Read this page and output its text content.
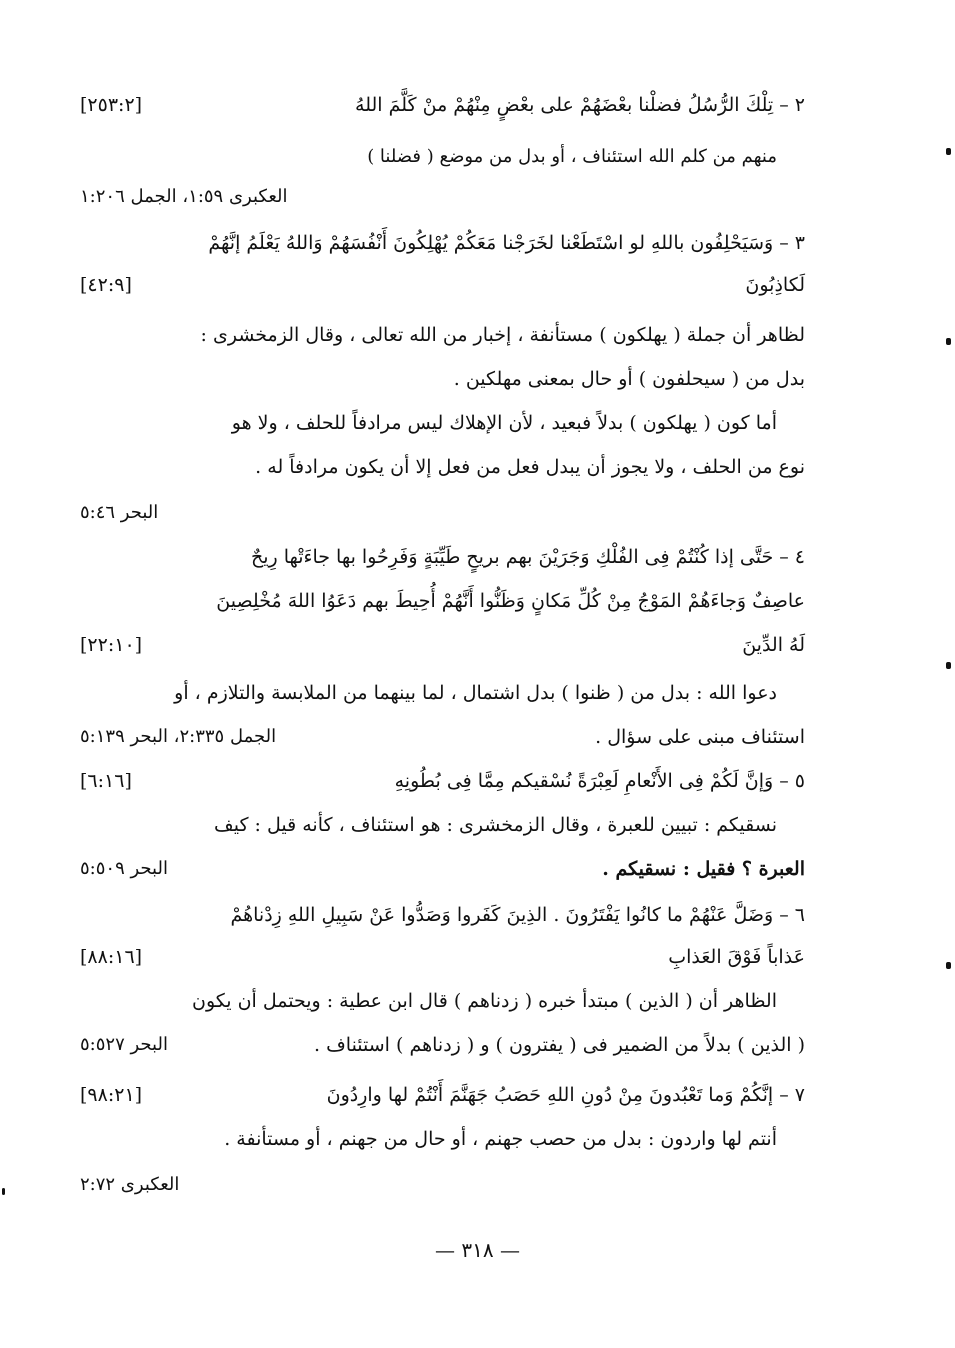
٢ – تِلْكَ الرُّسُلُ فضلْنا بعْضَهُمْ على بعْضٍ مِنْهُمْ منْ كَلَّمَ اللهُ
[٢٥٣:٢]
منهم من كلم الله استئناف ، أو بدل من موضع ( فضلنا )
العكبرى ١:٥٩، الجمل ١:٢٠٦
٣ – وَسَيَحْلِفُون باللهِ لو اسْتَطَعْنا لخَرَجْنا مَعَكُمْ يُهْلِكُونَ أَنْفُسَهُمْ وَاللهُ يَعْلَمُ إنَّهُمْ
لَكاذِبُونَ
[٤٢:٩]
لظاهر أن جملة ( يهلكون ) مستأنفة ، إخبار من الله تعالى ، وقال الزمخشرى :
بدل من ( سيحلفون ) أو حال بمعنى مهلكين .
أما كون ( يهلكون ) بدلاً فبعيد ، لأن الإهلاك ليس مرادفاً للحلف ، ولا هو
نوع من الحلف ، ولا يجوز أن يبدل فعل من فعل إلا أن يكون مرادفاً له .
البحر ٥:٤٦
٤ – حَتَّى إذا كُنْتُمْ فِى الفُلْكِ وَجَرَيْنَ بهم بريحٍ طَيِّبَةٍ وَفَرِحُوا بها جاءَتْها رِيحٌ
عاصِفٌ وَجاءَهُمْ المَوْجُ مِنْ كُلِّ مَكانٍ وَظَنُّوا أَنَّهُمْ أُحِيطَ بهم دَعَوُا اللهَ مُخْلِصِينَ
لَهُ الدِّينَ
[٢٢:١٠]
دعوا الله : بدل من ( ظنوا ) بدل اشتمال ، لما بينهما من الملابسة والتلازم ، أو
استئناف مبنى على سؤال .
الجمل ٢:٣٣٥، البحر ٥:١٣٩
٥ – وَإنَّ لَكُمْ فِى الأَنْعامِ لَعِبْرَةً نُسْقيكم مِمَّا فِى بُطُونِهِ
[٦:١٦]
نسقيكم : تبيين للعبرة ، وقال الزمخشرى : هو استئناف ، كأنه قيل : كيف
العبرة ؟ فقيل : نسقيكم .
البحر ٥:٥٠٩
٦ – وَضَلَّ عَنْهُمْ ما كانُوا يَفْتَرُونَ . الذِينَ كَفَروا وَصَدُّوا عَنْ سَبِيلِ اللهِ زِدْناهُمْ
عَذاباً فَوْقَ العَذابِ
[٨٨:١٦]
الظاهر أن ( الذين ) مبتدأ خبره ( زدناهم ) قال ابن عطية : ويحتمل أن يكون
( الذين ) بدلاً من الضمير فى ( يفترون ) و ( زدناهم ) استئناف .
البحر ٥:٥٢٧
٧ – إنَّكُمْ وَما تَعْبُدونَ مِنْ دُونِ اللهِ حَصَبُ جَهَنَّمَ أَنْتُمْ لها وارِدُونَ
[٩٨:٢١]
أنتم لها واردون : بدل من حصب جهنم ، أو حال من جهنم ، أو مستأنفة .
العكبرى ٢:٧٢
— ٣١٨ —
